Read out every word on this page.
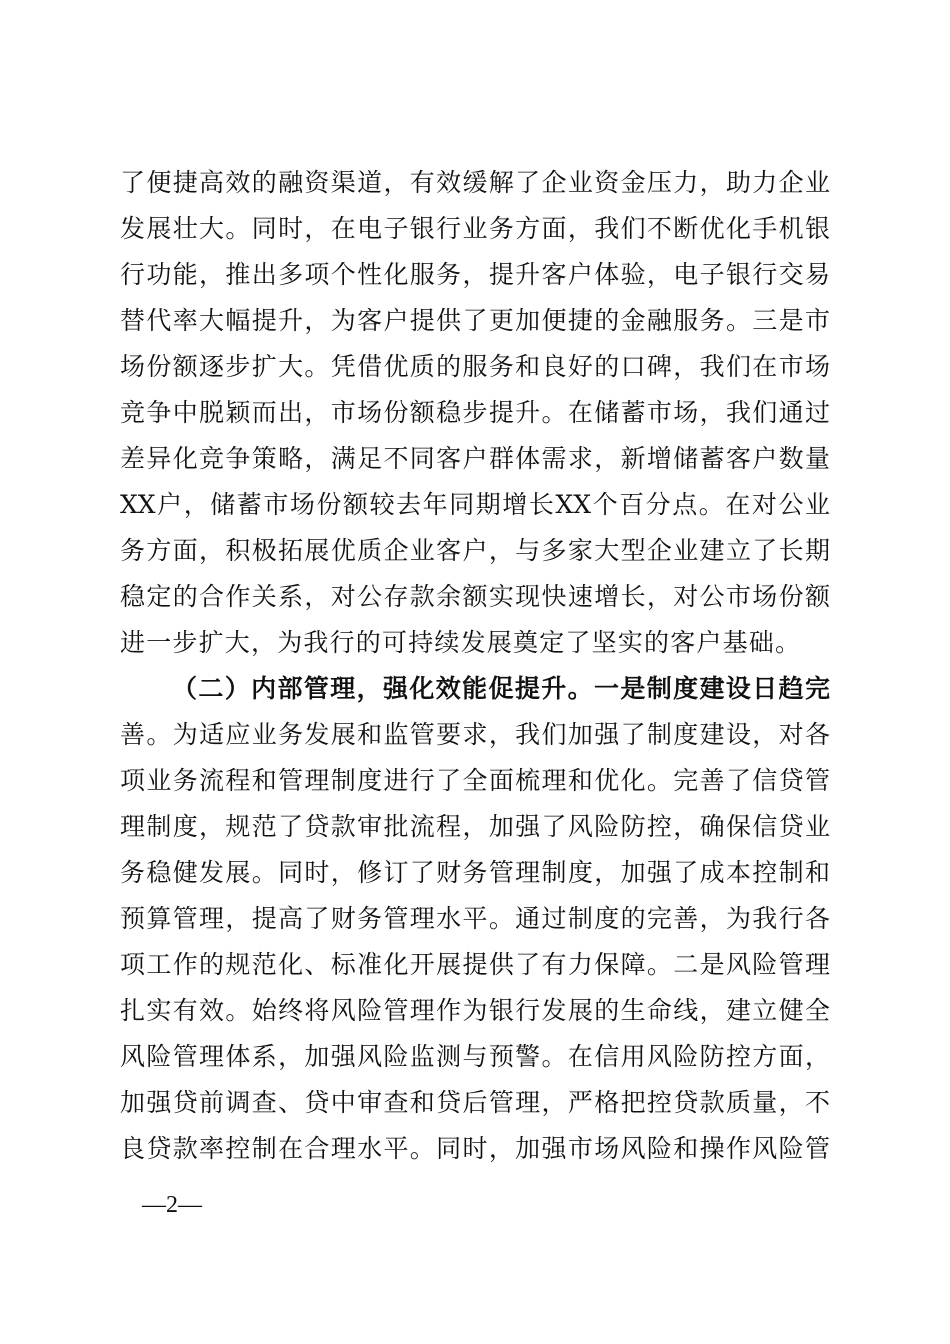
了便捷高效的融资渠道，有效缓解了企业资金压力，助力企业
发展壮大。同时，在电子银行业务方面，我们不断优化手机银
行功能，推出多项个性化服务，提升客户体验，电子银行交易
替代率大幅提升，为客户提供了更加便捷的金融服务。三是市
场份额逐步扩大。凭借优质的服务和良好的口碑，我们在市场
竞争中脱颖而出，市场份额稳步提升。在储蓄市场，我们通过
差异化竞争策略，满足不同客户群体需求，新增储蓄客户数量
XX户，储蓄市场份额较去年同期增长XX个百分点。在对公业
务方面，积极拓展优质企业客户，与多家大型企业建立了长期
稳定的合作关系，对公存款余额实现快速增长，对公市场份额
进一步扩大，为我行的可持续发展奠定了坚实的客户基础。
（二）内部管理，强化效能促提升。一是制度建设日趋完
善。为适应业务发展和监管要求，我们加强了制度建设，对各
项业务流程和管理制度进行了全面梳理和优化。完善了信贷管
理制度，规范了贷款审批流程，加强了风险防控，确保信贷业
务稳健发展。同时，修订了财务管理制度，加强了成本控制和
预算管理，提高了财务管理水平。通过制度的完善，为我行各
项工作的规范化、标准化开展提供了有力保障。二是风险管理
扎实有效。始终将风险管理作为银行发展的生命线，建立健全
风险管理体系，加强风险监测与预警。在信用风险防控方面，
加强贷前调查、贷中审查和贷后管理，严格把控贷款质量，不
良贷款率控制在合理水平。同时，加强市场风险和操作风险管
—2—
